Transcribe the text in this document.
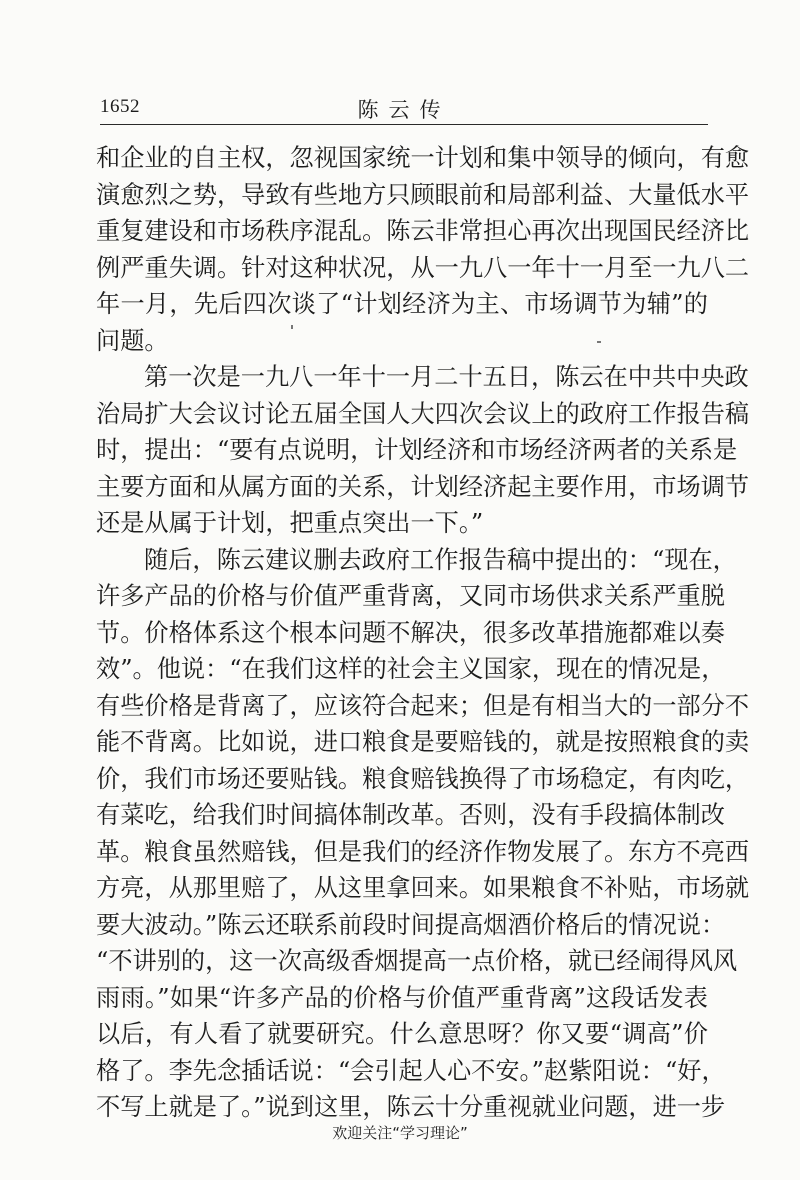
1652	陈云传

和企业的自主权，忽视国家统一计划和集中领导的倾向，有愈
演愈烈之势，导致有些地方只顾眼前和局部利益、大量低水平
重复建设和市场秩序混乱。陈云非常担心再次出现国民经济比
例严重失调。针对这种状况，从一九八一年十一月至一九八二
年一月，先后四次谈了“计划经济为主、市场调节为辅”的
问题。

第一次是一九八一年十一月二十五日，陈云在中共中央政
治局扩大会议讨论五届全国人大四次会议上的政府工作报告稿
时，提出：“要有点说明，计划经济和市场经济两者的关系是
主要方面和从属方面的关系，计划经济起主要作用，市场调节
还是从属于计划，把重点突出一下。”

随后，陈云建议删去政府工作报告稿中提出的：“现在，
许多产品的价格与价值严重背离，又同市场供求关系严重脱
节。价格体系这个根本问题不解决，很多改革措施都难以奏
效”。他说：“在我们这样的社会主义国家，现在的情况是，
有些价格是背离了，应该符合起来；但是有相当大的一部分不
能不背离。比如说，进口粮食是要赔钱的，就是按照粮食的卖
价，我们市场还要贴钱。粮食赔钱换得了市场稳定，有肉吃，
有菜吃，给我们时间搞体制改革。否则，没有手段搞体制改
革。粮食虽然赔钱，但是我们的经济作物发展了。东方不亮西
方亮，从那里赔了，从这里拿回来。如果粮食不补贴，市场就
要大波动。”陈云还联系前段时间提高烟酒价格后的情况说：
“不讲别的，这一次高级香烟提高一点价格，就已经闹得风风
雨雨。”如果“许多产品的价格与价值严重背离”这段话发表
以后，有人看了就要研究。什么意思呀？你又要“调高”价
格了。李先念插话说：“会引起人心不安。”赵紫阳说：“好，
不写上就是了。”说到这里，陈云十分重视就业问题，进一步

欢迎关注“学习理论”
